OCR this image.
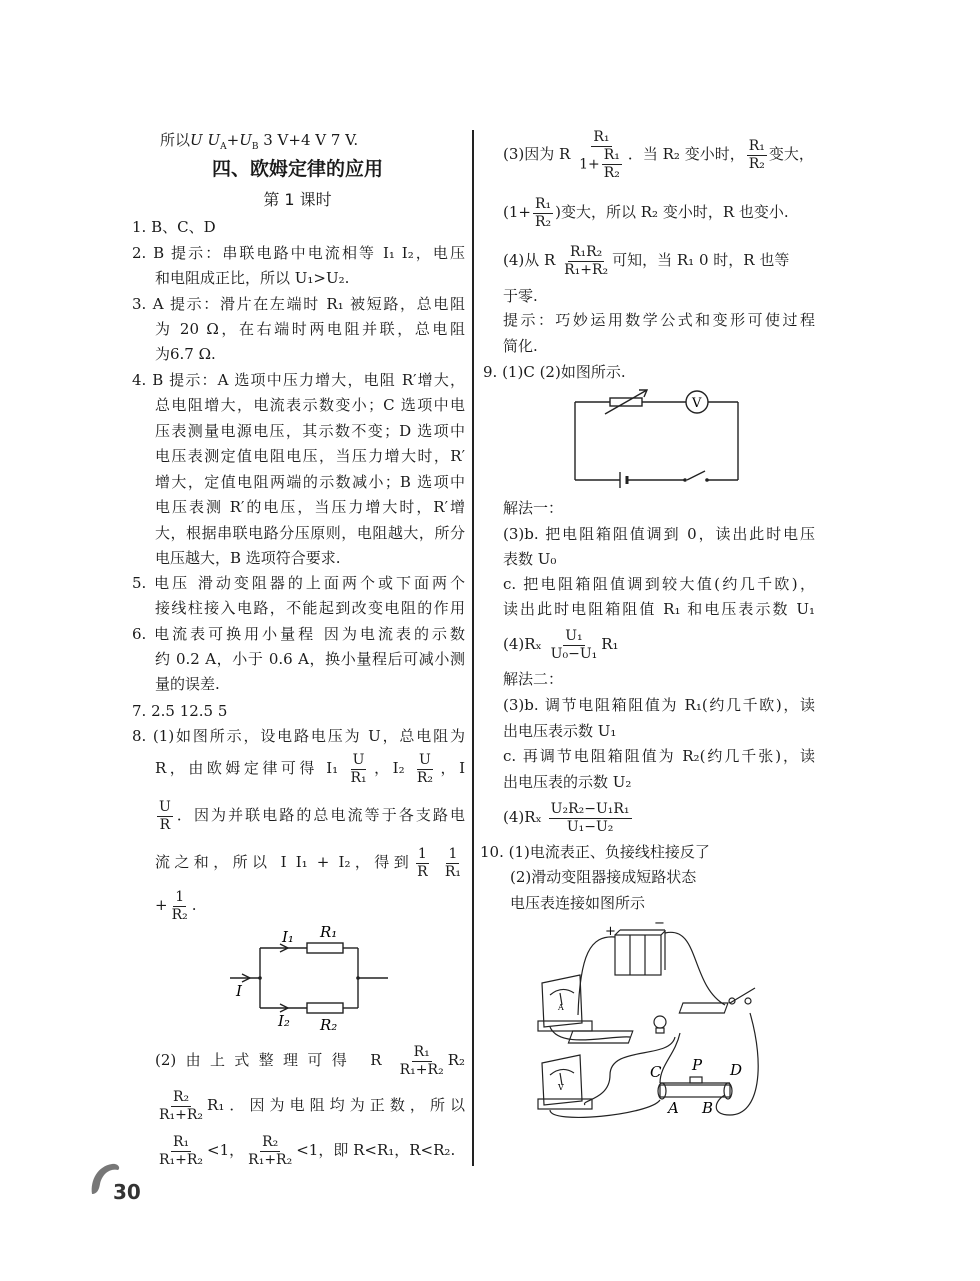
所以U $U_A+U_B$ 3 V+4 V 7 V.
四、欧姆定律的应用
第 1 课时
1. B、C、D
2. B 提示：串联电路中电流相等 I₁ I₂，电压
和电阻成正比，所以 U₁>U₂.
3. A 提示：滑片在左端时 R₁ 被短路，总电阻
为 20 Ω，在右端时两电阻并联，总电阻
为6.7 Ω.
4. B 提示：A 选项中压力增大，电阻 R′增大，
总电阻增大，电流表示数变小；C 选项中电
压表测量电源电压，其示数不变；D 选项中
电压表测定值电阻电压，当压力增大时，R′
增大，定值电阻两端的示数减小；B 选项中
电压表测 R′的电压，当压力增大时，R′增
大，根据串联电路分压原则，电阻越大，所分
电压越大，B 选项符合要求.
5. 电压 滑动变阻器的上面两个或下面两个
接线柱接入电路，不能起到改变电阻的作用
6. 电流表可换用小量程 因为电流表的示数
约 0.2 A，小于 0.6 A，换小量程后可减小测
量的误差.
7. 2.5 12.5 5
8. (1)如图所示，设电路电压为 U，总电阻为
R，由欧姆定律可得 $I_1 \frac{U}{\text{R₁}}$ ，$I_2 \frac{U}{\text{R₂}}$ ，I
$\frac{U}{R}$ ．因为并联电路的总电流等于各支路电
流之和，所以 I I₁ + I₂，得到 $\frac{1}{R}$
$\frac{1}{\text{R₁}}$
+ $\frac{1}{\text{R₂}}$ .
I₁ R₁
I
I₂ R₂
(2)由上式整理可得 R $\frac{\text{R₁}}{\text{R₁+R₂}} R_2$
$\frac{\text{R₂}}{\text{R₁+R₂}} R_1$．因为电阻均为正数，所以
$\frac{\text{R₁}}{\text{R₁+R₂}} <1$， $\frac{\text{R₂}}{\text{R₁+R₂}} <1$，即 R<R₁，R<R₂.
(3)因为 R $\frac{\text{R₁}}{1+ \frac{\text{R₁}}{\text{R₂}}}$ ．当 R₂ 变小时， $\frac{\text{R₁}}{\text{R₂}}$ 变大，
($1+ \frac{\text{R₁}}{\text{R₂}}$ )变大，所以 R₂ 变小时，R 也变小.
(4)从 R $\frac{\text{R₁R₂}}{\text{R₁+R₂}}$ 可知，当 R₁ 0 时，R 也等
于零.
提示：巧妙运用数学公式和变形可使过程
简化.
9. (1)C (2)如图所示.
V
解法一：
(3)b. 把电阻箱阻值调到 0，读出此时电压
表数 U₀
c. 把电阻箱阻值调到较大值(约几千欧)，
读出此时电阻箱阻值 R₁ 和电压表示数 U₁
$(4)R_x \frac{\text{U₁}}{\text{U₀−U₁}} R_1$
解法二：
(3)b. 调节电阻箱阻值为 R₁(约几千欧)，读
出电压表示数 U₁
c. 再调节电阻箱阻值为 R₂(约几千张)，读
出电压表的示数 U₂
$(4)R_x \frac{\text{U₂R₂−U₁R₁}}{\text{U₁−U₂}}$
10. (1)电流表正、负接线柱接反了
(2)滑动变阻器接成短路状态
电压表连接如图所示
+
−
A
V
C P D
A B
30
